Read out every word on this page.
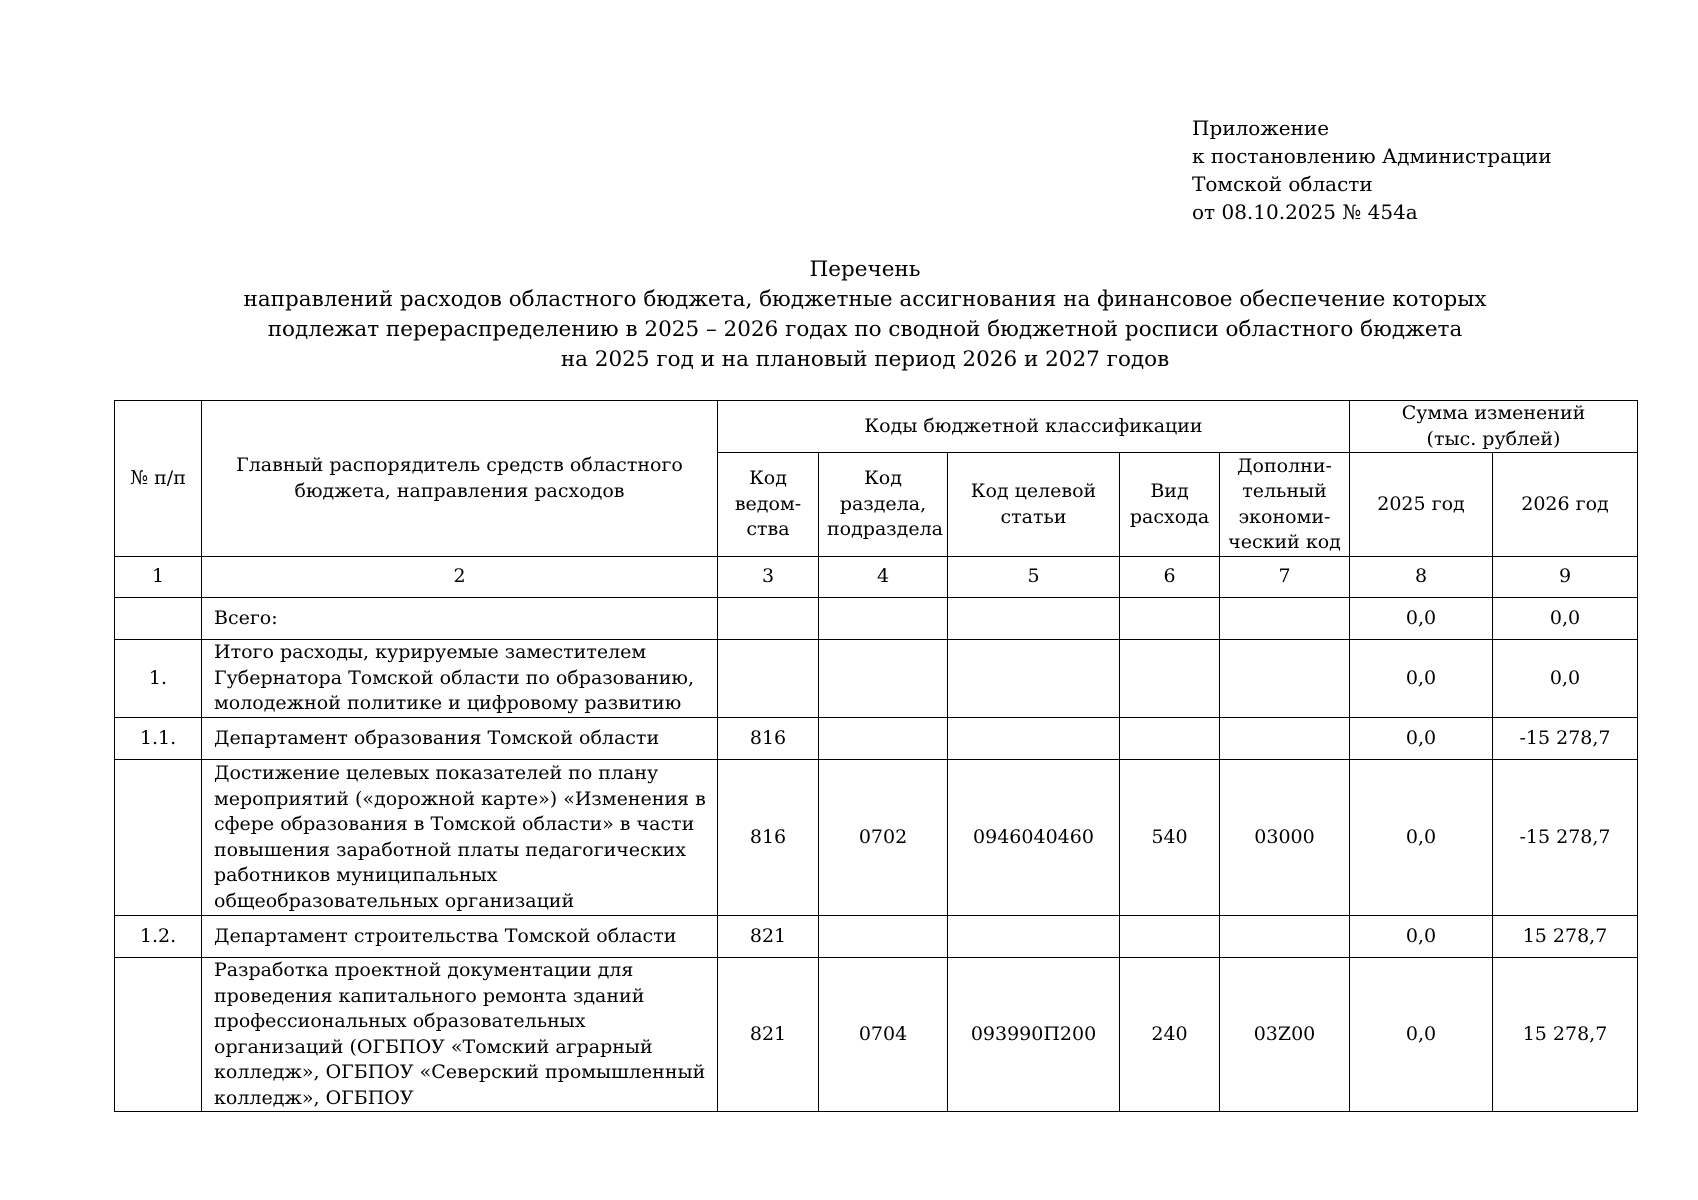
Приложение
к постановлению Администрации
Томской области
от 08.10.2025 № 454а
Перечень
направлений расходов областного бюджета, бюджетные ассигнования на финансовое обеспечение которых
подлежат перераспределению в 2025 – 2026 годах по сводной бюджетной росписи областного бюджета
на 2025 год и на плановый период 2026 и 2027 годов
№ п/п	Главный распорядитель средств областного бюджета, направления расходов	Коды бюджетной классификации					Сумма изменений (тыс. рублей)	
		Код ведом-ства	Код раздела, подраздела	Код целевой статьи	Вид расхода	Дополни-тельный экономи-ческий код	2025 год	2026 год
1	2	3	4	5	6	7	8	9
	Всего:						0,0	0,0
1.	Итого расходы, курируемые заместителем Губернатора Томской области по образованию, молодежной политике и цифровому развитию						0,0	0,0
1.1.	Департамент образования Томской области	816					0,0	-15 278,7
	Достижение целевых показателей по плану мероприятий («дорожной карте») «Изменения в сфере образования в Томской области» в части повышения заработной платы педагогических работников муниципальных общеобразовательных организаций	816	0702	0946040460	540	03000	0,0	-15 278,7
1.2.	Департамент строительства Томской области	821					0,0	15 278,7
	Разработка проектной документации для проведения капитального ремонта зданий профессиональных образовательных организаций (ОГБПОУ «Томский аграрный колледж», ОГБПОУ «Северский промышленный колледж», ОГБПОУ	821	0704	093990П200	240	03Z00	0,0	15 278,7
